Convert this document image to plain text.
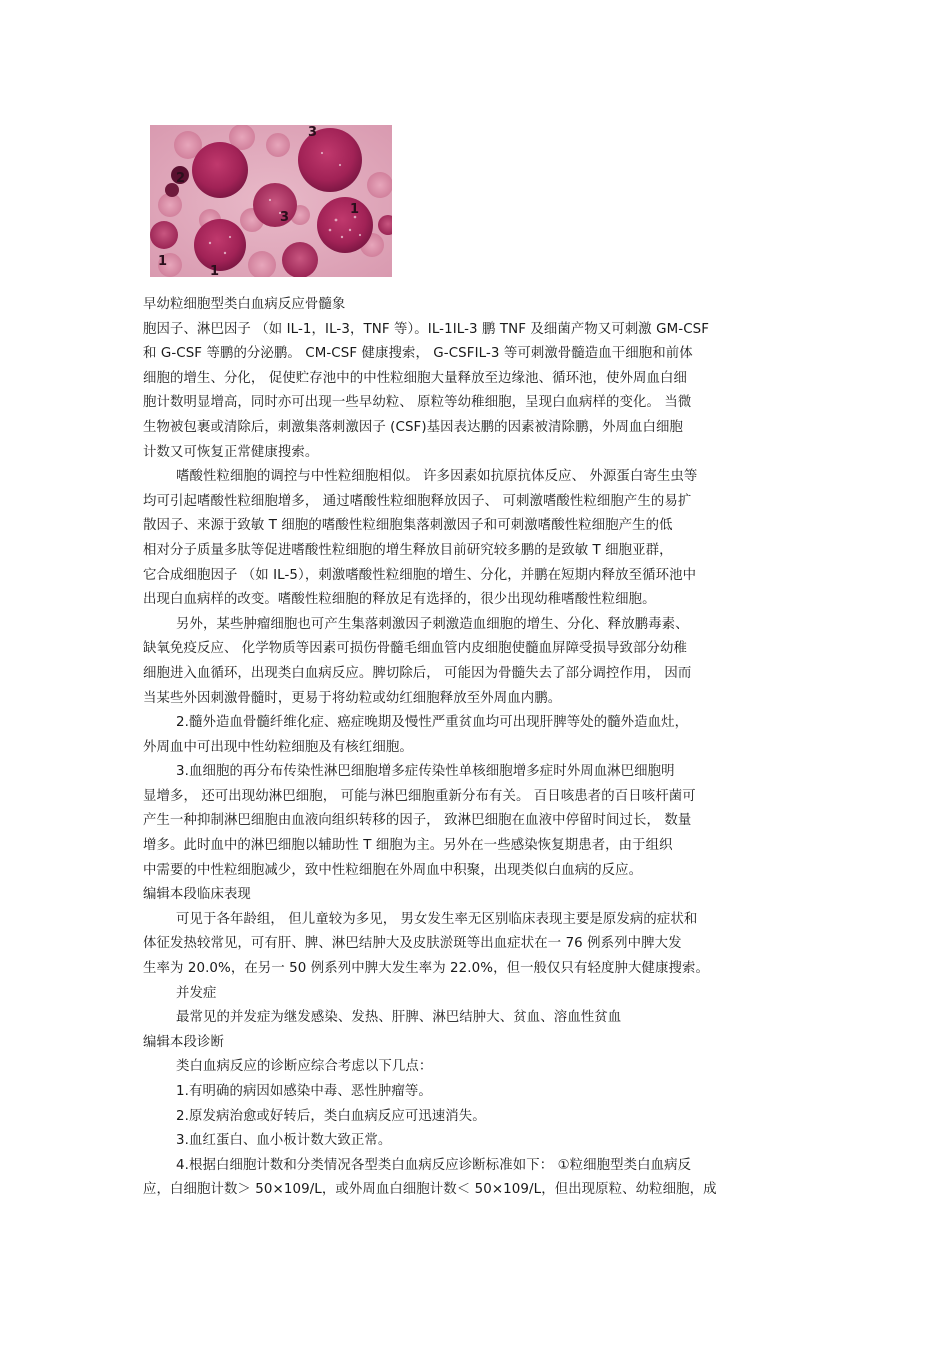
3
2
3
1
1
1
早幼粒细胞型类白血病反应骨髓象
胞因子、淋巴因子 （如 IL-1，IL-3，TNF 等）。IL-1IL-3 鹏 TNF 及细菌产物又可刺激 GM-CSF
和 G-CSF 等鹏的分泌鹏。 CM-CSF 健康搜索， G-CSFIL-3 等可刺激骨髓造血干细胞和前体
细胞的增生、分化， 促使贮存池中的中性粒细胞大量释放至边缘池、循环池，使外周血白细
胞计数明显增高，同时亦可出现一些早幼粒、 原粒等幼稚细胞，呈现白血病样的变化。 当微
生物被包裹或清除后，刺激集落刺激因子 (CSF)基因表达鹏的因素被清除鹏，外周血白细胞
计数又可恢复正常健康搜索。
嗜酸性粒细胞的调控与中性粒细胞相似。 许多因素如抗原抗体反应、 外源蛋白寄生虫等
均可引起嗜酸性粒细胞增多， 通过嗜酸性粒细胞释放因子、 可刺激嗜酸性粒细胞产生的易扩
散因子、来源于致敏 T 细胞的嗜酸性粒细胞集落刺激因子和可刺激嗜酸性粒细胞产生的低
相对分子质量多肽等促进嗜酸性粒细胞的增生释放目前研究较多鹏的是致敏 T 细胞亚群，
它合成细胞因子 （如 IL-5），刺激嗜酸性粒细胞的增生、分化，并鹏在短期内释放至循环池中
出现白血病样的改变。嗜酸性粒细胞的释放足有选择的，很少出现幼稚嗜酸性粒细胞。
另外，某些肿瘤细胞也可产生集落刺激因子刺激造血细胞的增生、分化、释放鹏毒素、
缺氧免疫反应、 化学物质等因素可损伤骨髓毛细血管内皮细胞使髓血屏障受损导致部分幼稚
细胞进入血循环，出现类白血病反应。脾切除后， 可能因为骨髓失去了部分调控作用， 因而
当某些外因刺激骨髓时，更易于将幼粒或幼红细胞释放至外周血内鹏。
2.髓外造血骨髓纤维化症、癌症晚期及慢性严重贫血均可出现肝脾等处的髓外造血灶，
外周血中可出现中性幼粒细胞及有核红细胞。
3.血细胞的再分布传染性淋巴细胞增多症传染性单核细胞增多症时外周血淋巴细胞明
显增多， 还可出现幼淋巴细胞， 可能与淋巴细胞重新分布有关。 百日咳患者的百日咳杆菌可
产生一种抑制淋巴细胞由血液向组织转移的因子， 致淋巴细胞在血液中停留时间过长， 数量
增多。此时血中的淋巴细胞以辅助性 T 细胞为主。另外在一些感染恢复期患者，由于组织
中需要的中性粒细胞减少，致中性粒细胞在外周血中积聚，出现类似白血病的反应。
编辑本段临床表现
可见于各年龄组， 但儿童较为多见， 男女发生率无区别临床表现主要是原发病的症状和
体征发热较常见，可有肝、脾、淋巴结肿大及皮肤淤斑等出血症状在一 76 例系列中脾大发
生率为 20.0%，在另一 50 例系列中脾大发生率为 22.0%，但一般仅只有轻度肿大健康搜索。
并发症
最常见的并发症为继发感染、发热、肝脾、淋巴结肿大、贫血、溶血性贫血
编辑本段诊断
类白血病反应的诊断应综合考虑以下几点：
1.有明确的病因如感染中毒、恶性肿瘤等。
2.原发病治愈或好转后，类白血病反应可迅速消失。
3.血红蛋白、血小板计数大致正常。
4.根据白细胞计数和分类情况各型类白血病反应诊断标准如下： ①粒细胞型类白血病反
应，白细胞计数＞ 50×109/L，或外周血白细胞计数＜ 50×109/L，但出现原粒、幼粒细胞，成
